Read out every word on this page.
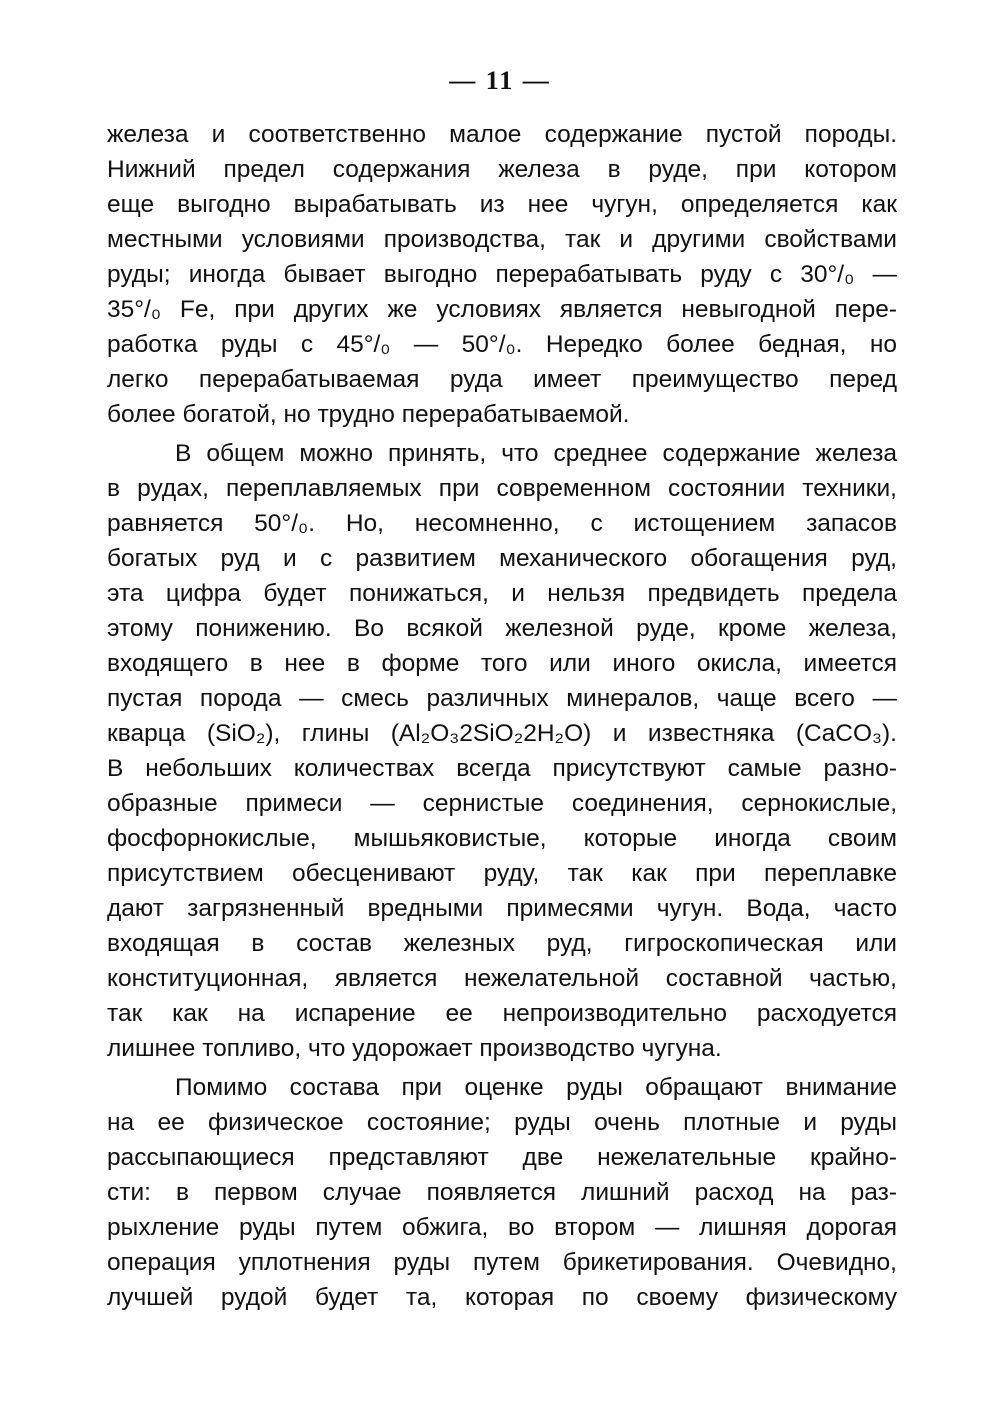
— 11 —
железа и соответственно малое содержание пустой породы.
Нижний предел содержания железа в руде, при котором
еще выгодно вырабатывать из нее чугун, определяется как
местными условиями производства, так и другими свойствами
руды; иногда бывает выгодно перерабатывать руду с 30°/₀ —
35°/₀ Fe, при других же условиях является невыгодной пере-
работка руды с 45°/₀ — 50°/₀. Нередко более бедная, но
легко перерабатываемая руда имеет преимущество перед
более богатой, но трудно перерабатываемой.
В общем можно принять, что среднее содержание железа
в рудах, переплавляемых при современном состоянии техники,
равняется 50°/₀. Но, несомненно, с истощением запасов
богатых руд и с развитием механического обогащения руд,
эта цифра будет понижаться, и нельзя предвидеть предела
этому понижению. Во всякой железной руде, кроме железа,
входящего в нее в форме того или иного окисла, имеется
пустая порода — смесь различных минералов, чаще всего —
кварца (SiO₂), глины (Al₂O₃2SiO₂2H₂O) и известняка (CaCO₃).
В небольших количествах всегда присутствуют самые разно-
образные примеси — сернистые соединения, сернокислые,
фосфорнокислые, мышьяковистые, которые иногда своим
присутствием обесценивают руду, так как при переплавке
дают загрязненный вредными примесями чугун. Вода, часто
входящая в состав железных руд, гигроскопическая или
конституционная, является нежелательной составной частью,
так как на испарение ее непроизводительно расходуется
лишнее топливо, что удорожает производство чугуна.
Помимо состава при оценке руды обращают внимание
на ее физическое состояние; руды очень плотные и руды
рассыпающиеся представляют две нежелательные крайно-
сти: в первом случае появляется лишний расход на раз-
рыхление руды путем обжига, во втором — лишняя дорогая
операция уплотнения руды путем брикетирования. Очевидно,
лучшей рудой будет та, которая по своему физическому
